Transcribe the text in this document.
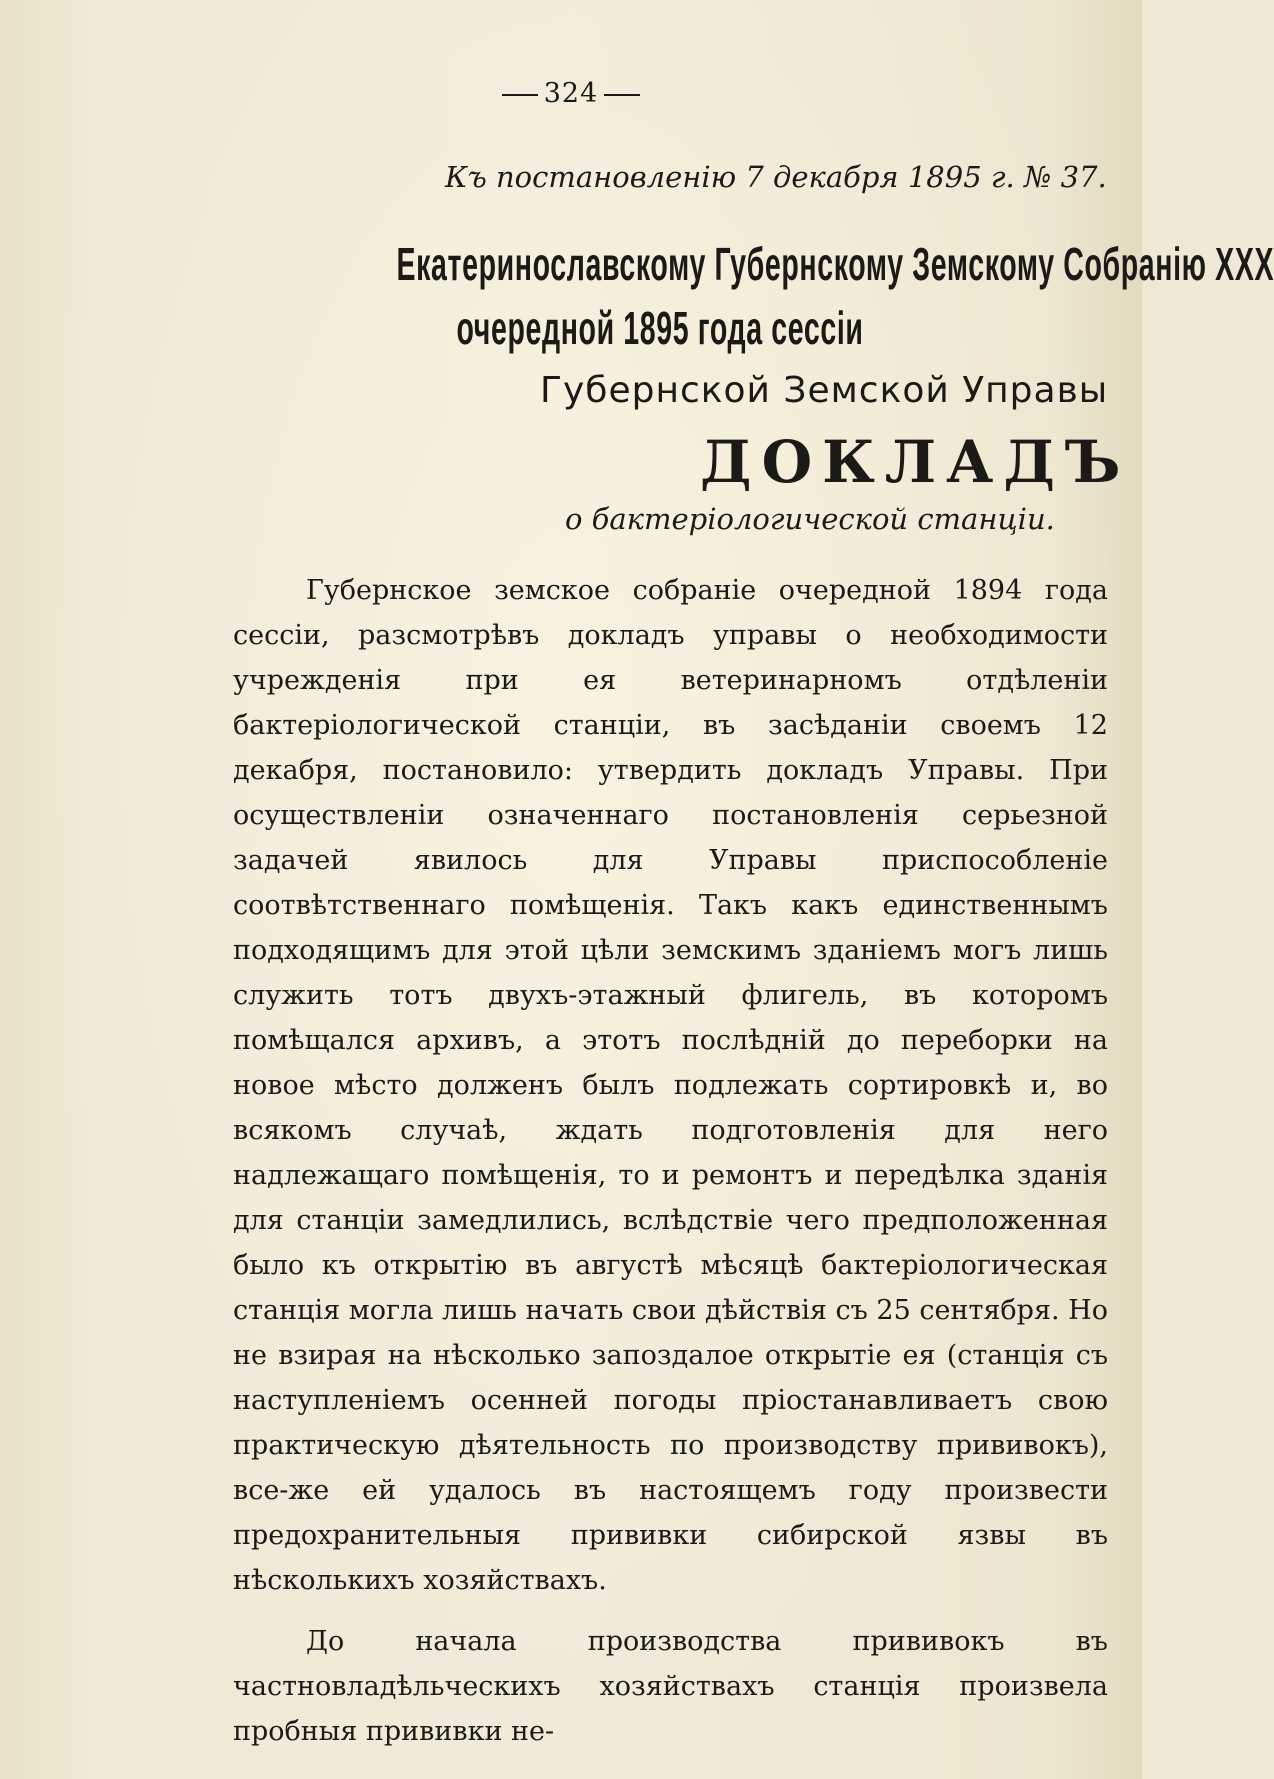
324
Къ постановленію 7 декабря 1895 г. № 37.
Екатеринославскому Губернскому Земскому Собранію XXX
очередной 1895 года сессіи
Губернской Земской Управы
ДОКЛАДЪ
о бактеріологической станціи.

Губернское земское собраніе очередной 1894 года сессіи, разсмотрѣвъ докладъ управы о необходимости учрежденія при ея ветеринарномъ отдѣленіи бактеріологической станціи, въ засѣданіи своемъ 12 декабря, постановило: утвердить докладъ Управы. При осуществленіи означеннаго постановленія серьезной задачей явилось для Управы приспособленіе соотвѣтственнаго помѣщенія. Такъ какъ единственнымъ подходящимъ для этой цѣли земскимъ зданіемъ могъ лишь служить тотъ двухъ-этажный флигель, въ которомъ помѣщался архивъ, а этотъ послѣдній до переборки на новое мѣсто долженъ былъ подлежать сортировкѣ и, во всякомъ случаѣ, ждать подготовленія для него надлежащаго помѣщенія, то и ремонтъ и передѣлка зданія для станціи замедлились, вслѣдствіе чего предположенная было къ открытію въ августѣ мѣсяцѣ бактеріологическая станція могла лишь начать свои дѣйствія съ 25 сентября. Но не взирая на нѣсколько запоздалое открытіе ея (станція съ наступленіемъ осенней погоды пріостанавливаетъ свою практическую дѣятельность по производству прививокъ), все-же ей удалось въ настоящемъ году произвести предохранительныя прививки сибирской язвы въ нѣсколькихъ хозяйствахъ.

До начала производства прививокъ въ частновладѣльческихъ хозяйствахъ станція произвела пробныя прививки не-
